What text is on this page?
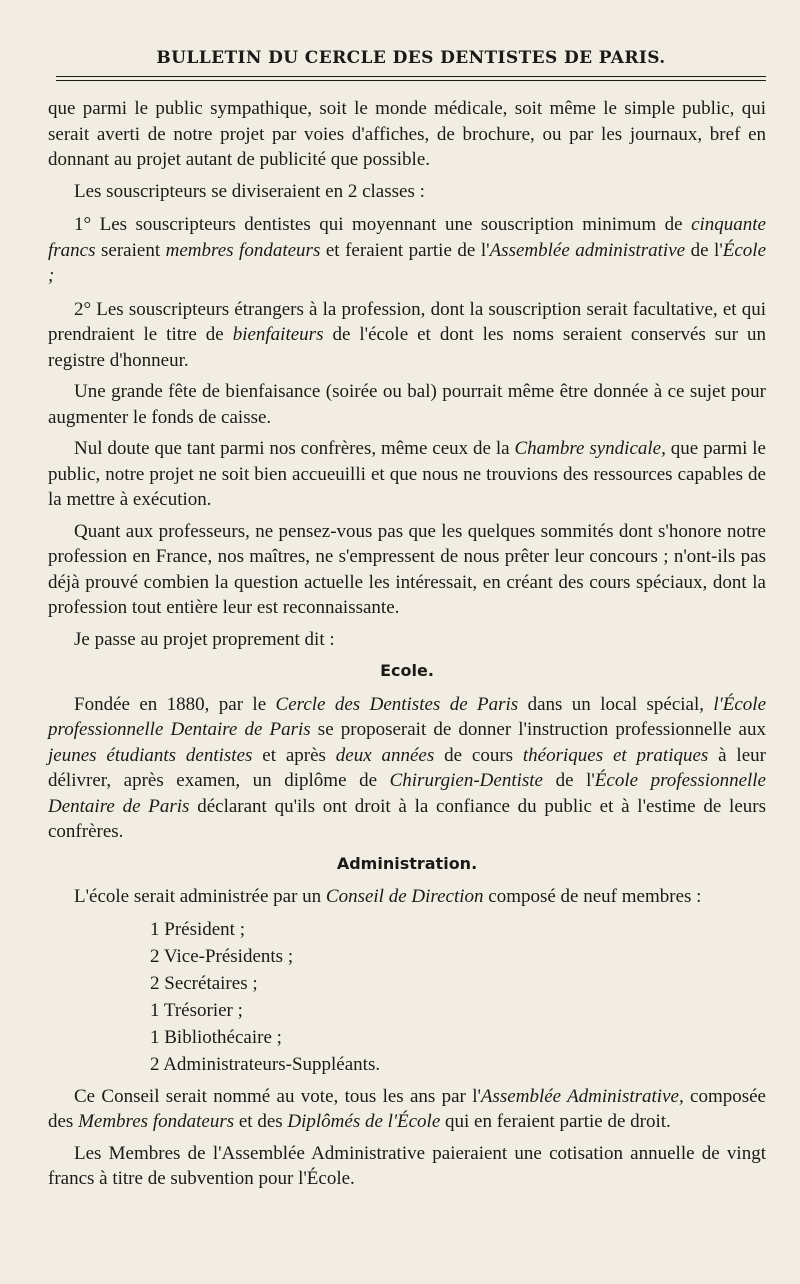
BULLETIN DU CERCLE DES DENTISTES DE PARIS.

que parmi le public sympathique, soit le monde médicale, soit même le simple public, qui serait averti de notre projet par voies d'affiches, de brochure, ou par les journaux, bref en donnant au projet autant de publicité que possible.

Les souscripteurs se diviseraient en 2 classes :

1° Les souscripteurs dentistes qui moyennant une souscription minimum de cinquante francs seraient membres fondateurs et feraient partie de l'Assemblée administrative de l'École ;

2° Les souscripteurs étrangers à la profession, dont la souscription serait facultative, et qui prendraient le titre de bienfaiteurs de l'école et dont les noms seraient conservés sur un registre d'honneur.

Une grande fête de bienfaisance (soirée ou bal) pourrait même être donnée à ce sujet pour augmenter le fonds de caisse.

Nul doute que tant parmi nos confrères, même ceux de la Chambre syndicale, que parmi le public, notre projet ne soit bien accueuilli et que nous ne trouvions des ressources capables de la mettre à exécution.

Quant aux professeurs, ne pensez-vous pas que les quelques sommités dont s'honore notre profession en France, nos maîtres, ne s'empressent de nous prêter leur concours ; n'ont-ils pas déjà prouvé combien la question actuelle les intéressait, en créant des cours spéciaux, dont la profession tout entière leur est reconnaissante.

Je passe au projet proprement dit :

Ecole.

Fondée en 1880, par le Cercle des Dentistes de Paris dans un local spécial, l'École professionnelle Dentaire de Paris se proposerait de donner l'instruction professionnelle aux jeunes étudiants dentistes et après deux années de cours théoriques et pratiques à leur délivrer, après examen, un diplôme de Chirurgien-Dentiste de l'École professionnelle Dentaire de Paris déclarant qu'ils ont droit à la confiance du public et à l'estime de leurs confrères.

Administration.

L'école serait administrée par un Conseil de Direction composé de neuf membres :

1 Président ;
2 Vice-Présidents ;
2 Secrétaires ;
1 Trésorier ;
1 Bibliothécaire ;
2 Administrateurs-Suppléants.

Ce Conseil serait nommé au vote, tous les ans par l'Assemblée Administrative, composée des Membres fondateurs et des Diplômés de l'École qui en feraient partie de droit.

Les Membres de l'Assemblée Administrative paieraient une cotisation annuelle de vingt francs à titre de subvention pour l'École.
